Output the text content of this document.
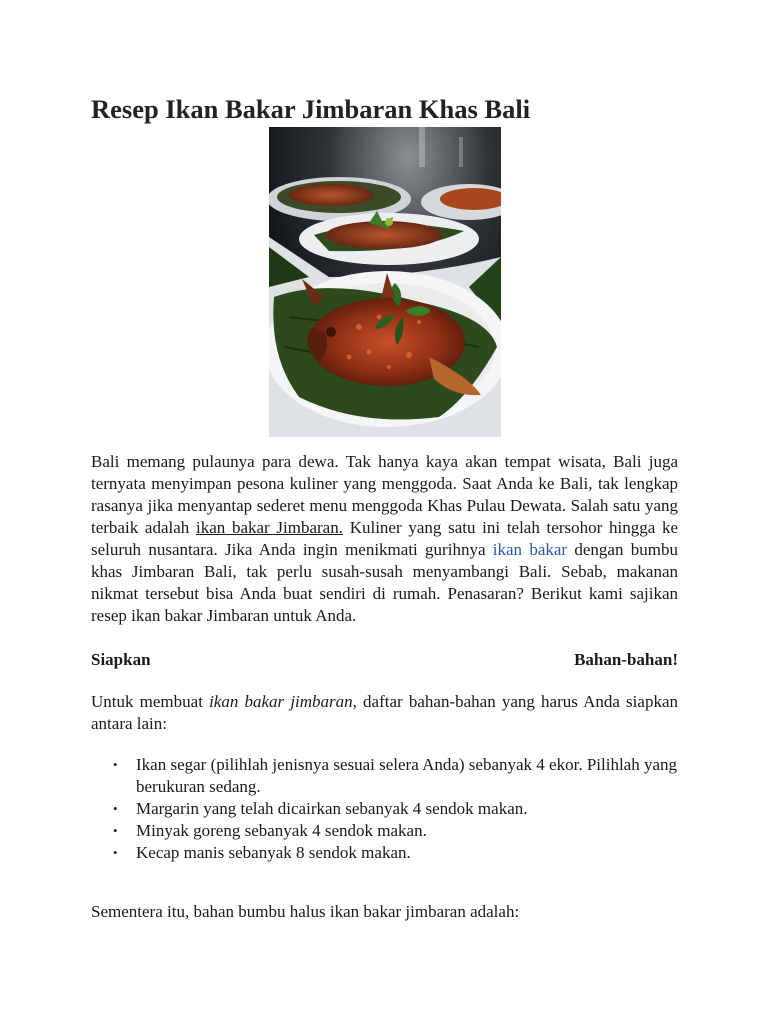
Resep Ikan Bakar Jimbaran Khas Bali

Bali memang pulaunya para dewa. Tak hanya kaya akan tempat wisata, Bali juga ternyata menyimpan pesona kuliner yang menggoda. Saat Anda ke Bali, tak lengkap rasanya jika menyantap sederet menu menggoda Khas Pulau Dewata. Salah satu yang terbaik adalah ikan bakar Jimbaran. Kuliner yang satu ini telah tersohor hingga ke seluruh nusantara. Jika Anda ingin menikmati gurihnya ikan bakar dengan bumbu khas Jimbaran Bali, tak perlu susah-susah menyambangi Bali. Sebab, makanan nikmat tersebut bisa Anda buat sendiri di rumah. Penasaran? Berikut kami sajikan resep ikan bakar Jimbaran untuk Anda.

Siapkan	Bahan-bahan!

Untuk membuat ikan bakar jimbaran, daftar bahan-bahan yang harus Anda siapkan antara lain:

• Ikan segar (pilihlah jenisnya sesuai selera Anda) sebanyak 4 ekor. Pilihlah yang berukuran sedang.
• Margarin yang telah dicairkan sebanyak 4 sendok makan.
• Minyak goreng sebanyak 4 sendok makan.
• Kecap manis sebanyak 8 sendok makan.

Sementera itu, bahan bumbu halus ikan bakar jimbaran adalah:
